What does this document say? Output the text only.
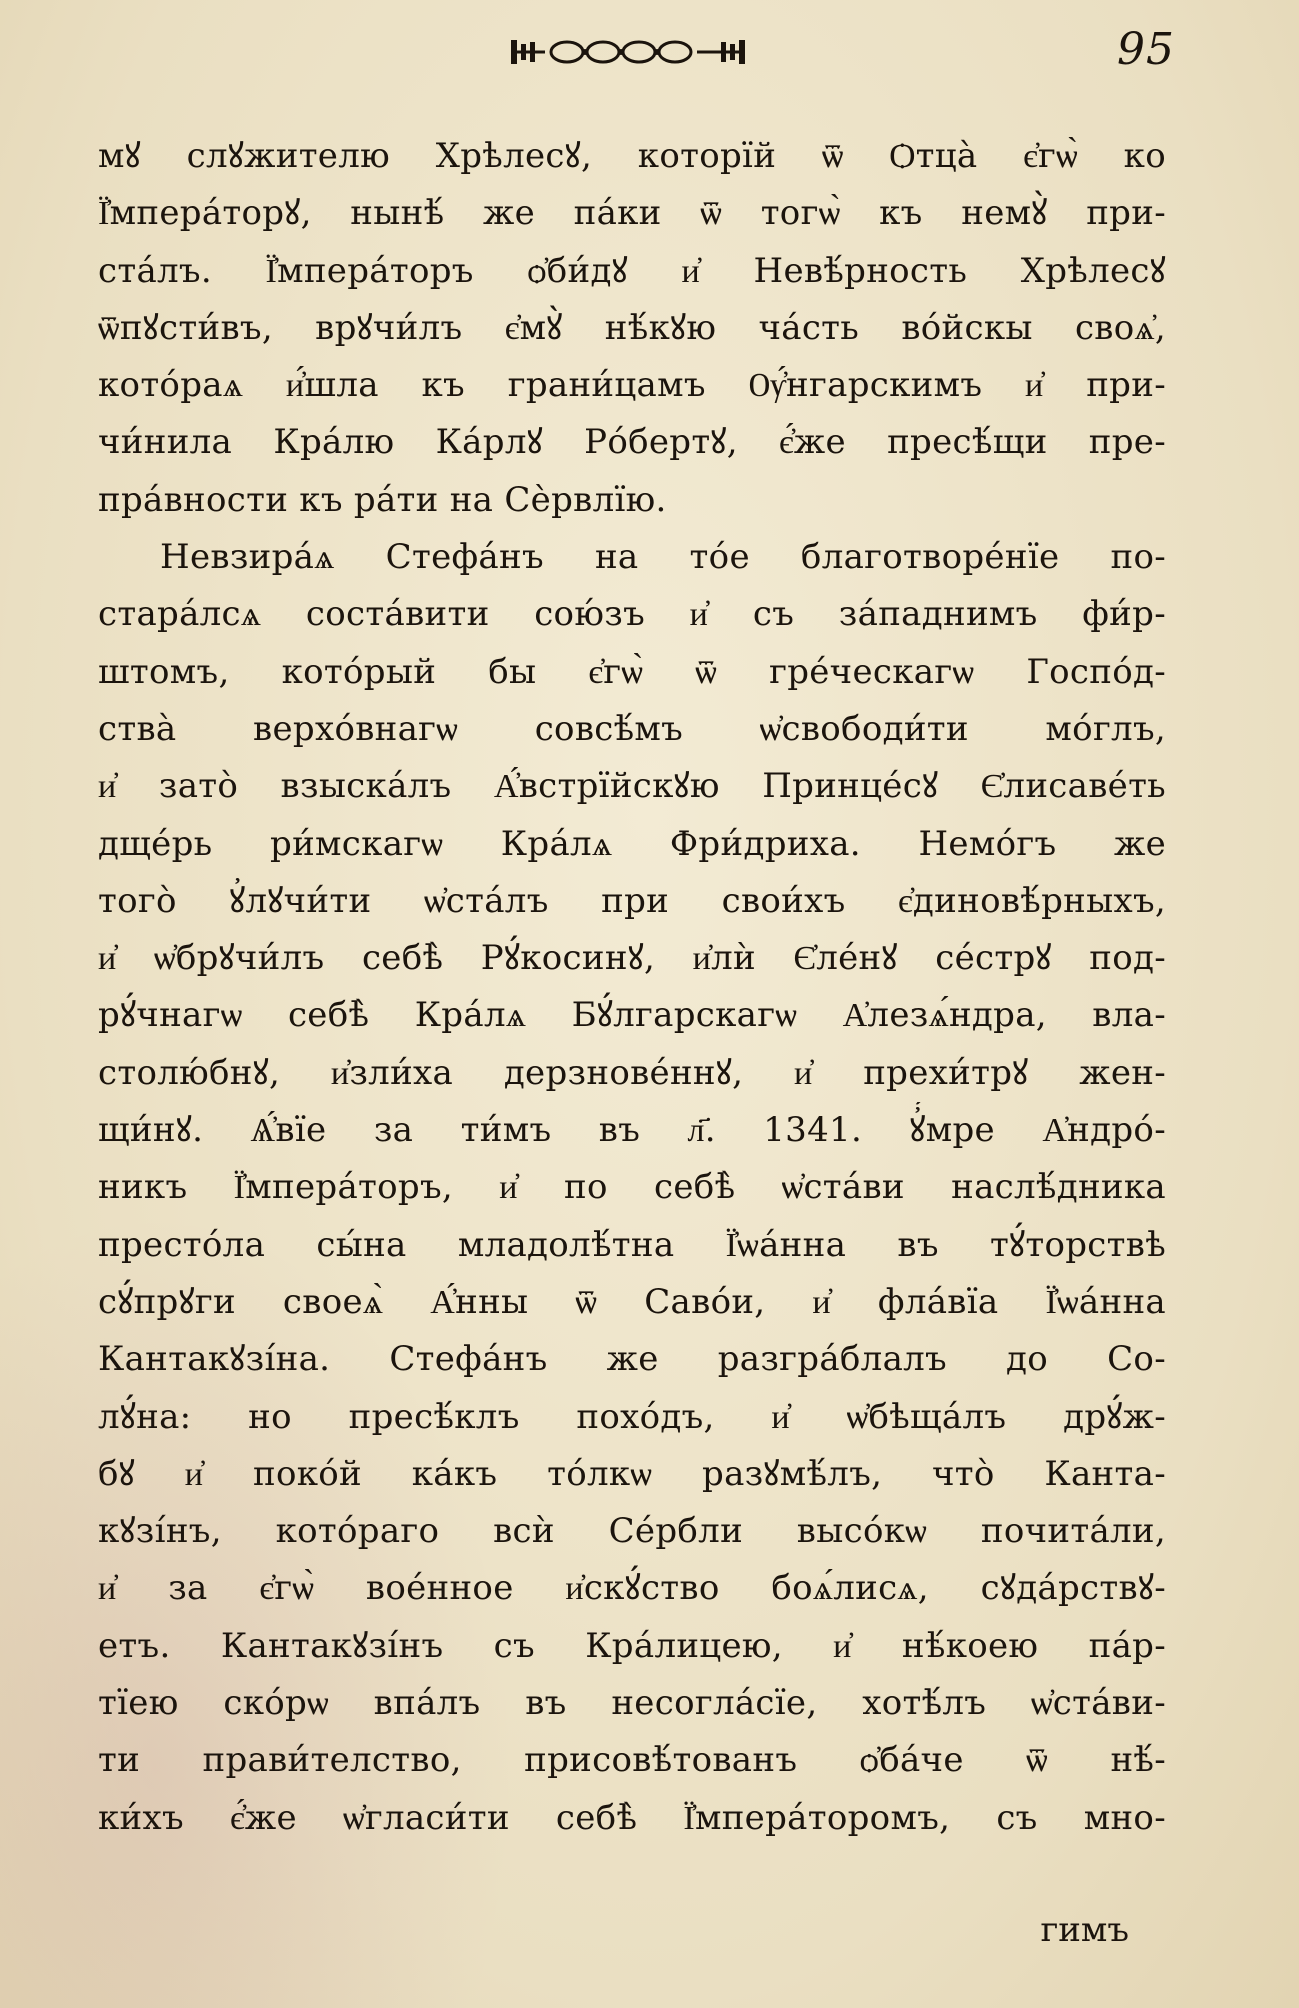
95
мꙋ слꙋжителю Хрѣлесꙋ, которїй ѿ Ѻтца̀ є҆гѡ̀ ко
Ї҆мпера́торꙋ, нынѣ́ же па́ки ѿ тогѡ̀ къ немꙋ̀ при-
ста́лъ. Ї҆мпера́торъ ѻ҆би́дꙋ и҆ Невѣ́рность Хрѣлесꙋ
ѿпꙋсти́въ, врꙋчи́лъ є҆мꙋ̀ нѣ́кꙋю ча́сть во́йскы своѧ҆,
кото́раѧ и҆́шла къ грани́цамъ Ѹ҆́нгарскимъ и҆ при-
чи́нила Кра́лю Ка́рлꙋ Ро́бертꙋ, є҆́же пресѣ́щи пре-
пра́вности къ ра́ти на Сѐрвлїю.
Невзира́ѧ Стефа́нъ на то́е благотворе́нїе по-
стара́лсѧ соста́вити сою́зъ и҆ съ за́паднимъ фи́р-
штомъ, кото́рый бы є҆гѡ̀ ѿ гре́ческагѡ Госпо́д-
ства̀ верхо́внагѡ совсѣ́мъ ѡ҆свободи́ти мо́глъ,
и҆ зато̀ взыска́лъ А҆́встрїйскꙋю Принце́сꙋ Є҆лисаве́ть
дще́рь ри́мскагѡ Кра́лѧ Фри́дриха. Немо́гъ же
того̀ ꙋ҆лꙋчи́ти ѡ҆ста́лъ при свои́хъ є҆диновѣ́рныхъ,
и҆ ѡ҆брꙋчи́лъ себѣ̀ Рꙋ́косинꙋ, и҆лѝ Є҆ле́нꙋ се́стрꙋ под-
рꙋ́чнагѡ себѣ̀ Кра́лѧ Бꙋ́лгарскагѡ А҆лезѧ́ндра, вла-
столю́бнꙋ, и҆зли́ха дерзнове́ннꙋ, и҆ прехи́трꙋ жен-
щи́нꙋ. Ѧ҆́вїе за ти́мъ въ л҃. 1341. ꙋ҆́мре А҆ндро́-
никъ Ї҆мпера́торъ, и҆ по себѣ̀ ѡ҆ста́ви наслѣ́дника
престо́ла сы́на младолѣ́тна Ї҆ѡа́нна въ тꙋ́торствѣ
сꙋ́прꙋги своеѧ̀ А҆́нны ѿ Саво́и, и҆ фла́вїа Ї҆ѡа́нна
Кантакꙋзі́на. Стефа́нъ же разгра́блалъ до Со-
лꙋ́на: но пресѣ́клъ похо́дъ, и҆ ѡ҆бѣща́лъ дрꙋ́ж-
бꙋ и҆ поко́й ка́къ то́лкѡ разꙋмѣ́лъ, что̀ Канта-
кꙋзі́нъ, кото́раго всѝ Се́рбли высо́кѡ почита́ли,
и҆ за є҆гѡ̀ вое́нное и҆скꙋ́ство боѧ́лисѧ, сꙋда́рствꙋ-
етъ. Кантакꙋзі́нъ съ Кра́лицею, и҆ нѣ́коею па́р-
тїею ско́рѡ впа́лъ въ несогла́сїе, хотѣ́лъ ѡ҆ста́ви-
ти прави́телство, присовѣ́тованъ ѻ҆ба́че ѿ нѣ́-
ки́хъ є҆́же ѡ҆гласи́ти себѣ̀ Ї҆мпера́торомъ, съ мно-
гимъ
